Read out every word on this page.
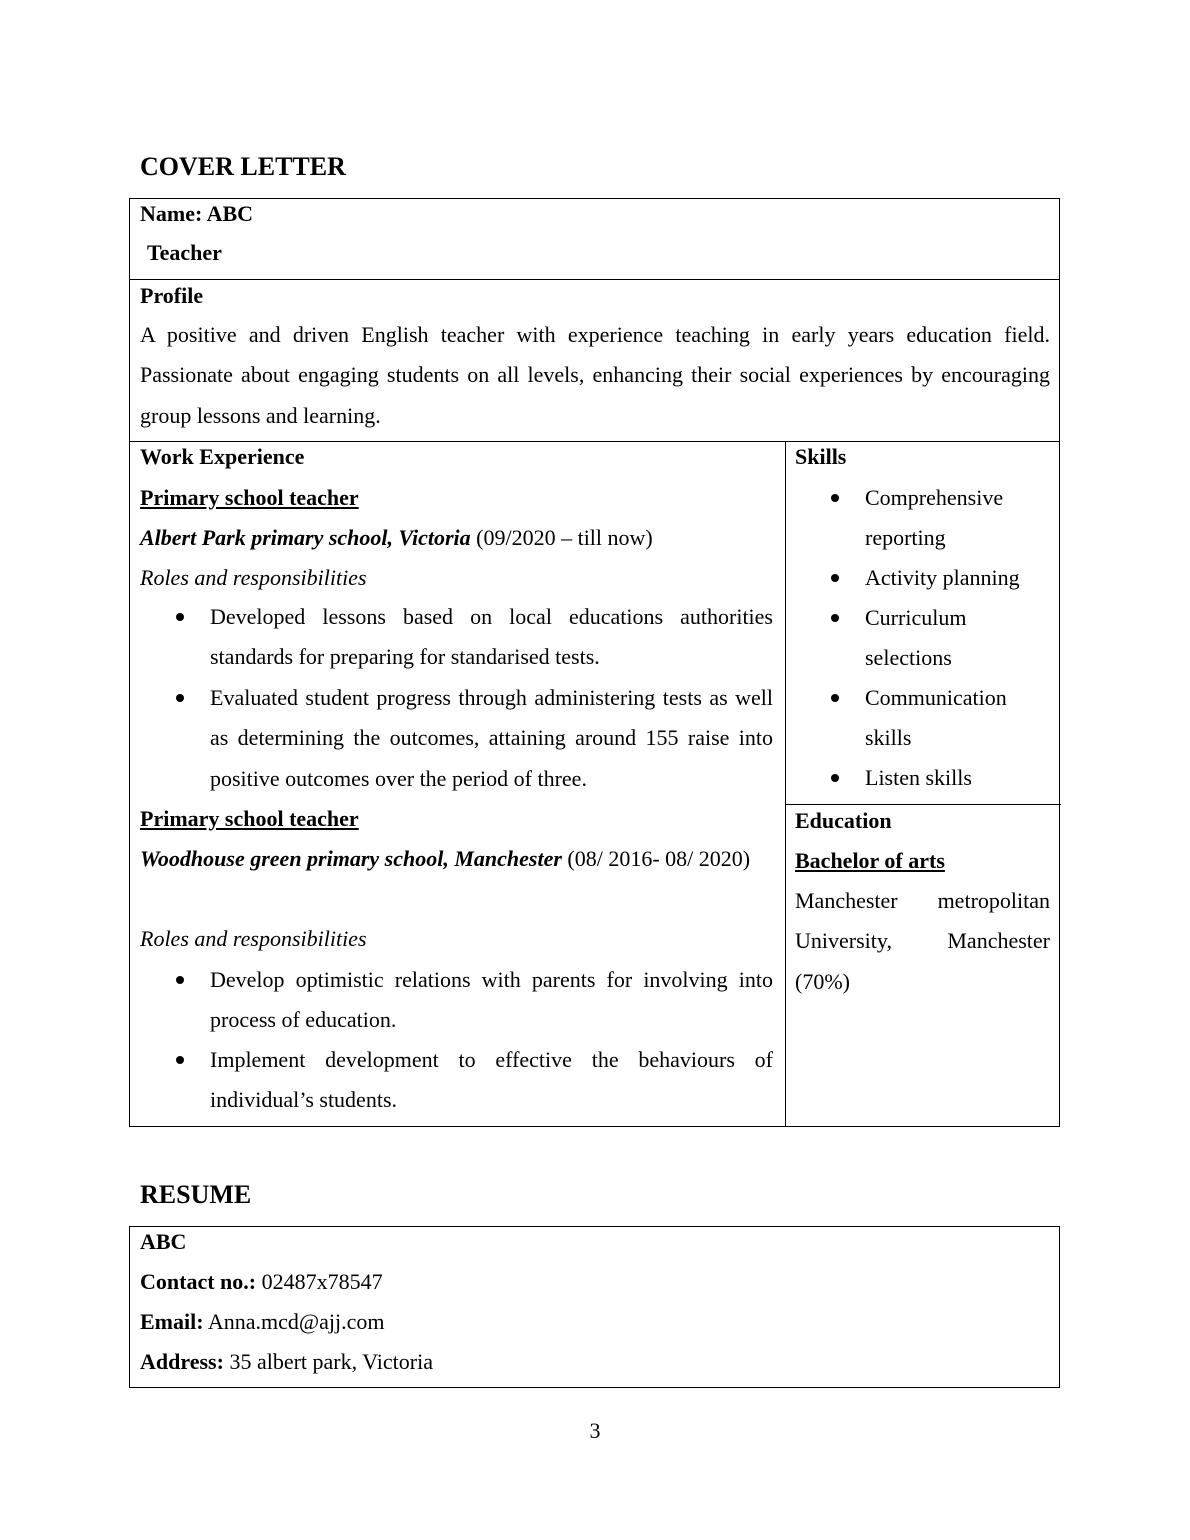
COVER LETTER
Name: ABC
Teacher
Profile
A positive and driven English teacher with experience teaching in early years education field. Passionate about engaging students on all levels, enhancing their social experiences by encouraging group lessons and learning.
Work Experience
Primary school teacher
Albert Park primary school, Victoria (09/2020 – till now)
Roles and responsibilities
Developed lessons based on local educations authorities standards for preparing for standarised tests.
Evaluated student progress through administering tests as well as determining the outcomes, attaining around 155 raise into positive outcomes over the period of three.
Primary school teacher
Woodhouse green primary school, Manchester (08/ 2016- 08/ 2020)
Roles and responsibilities
Develop optimistic relations with parents for involving into process of education.
Implement development to effective the behaviours of individual’s students.
Skills
Comprehensive reporting
Activity planning
Curriculum selections
Communication skills
Listen skills
Education
Bachelor of arts
Manchester metropolitan University, Manchester (70%)
RESUME
ABC
Contact no.: 02487x78547
Email: Anna.mcd@ajj.com
Address: 35 albert park, Victoria
3
